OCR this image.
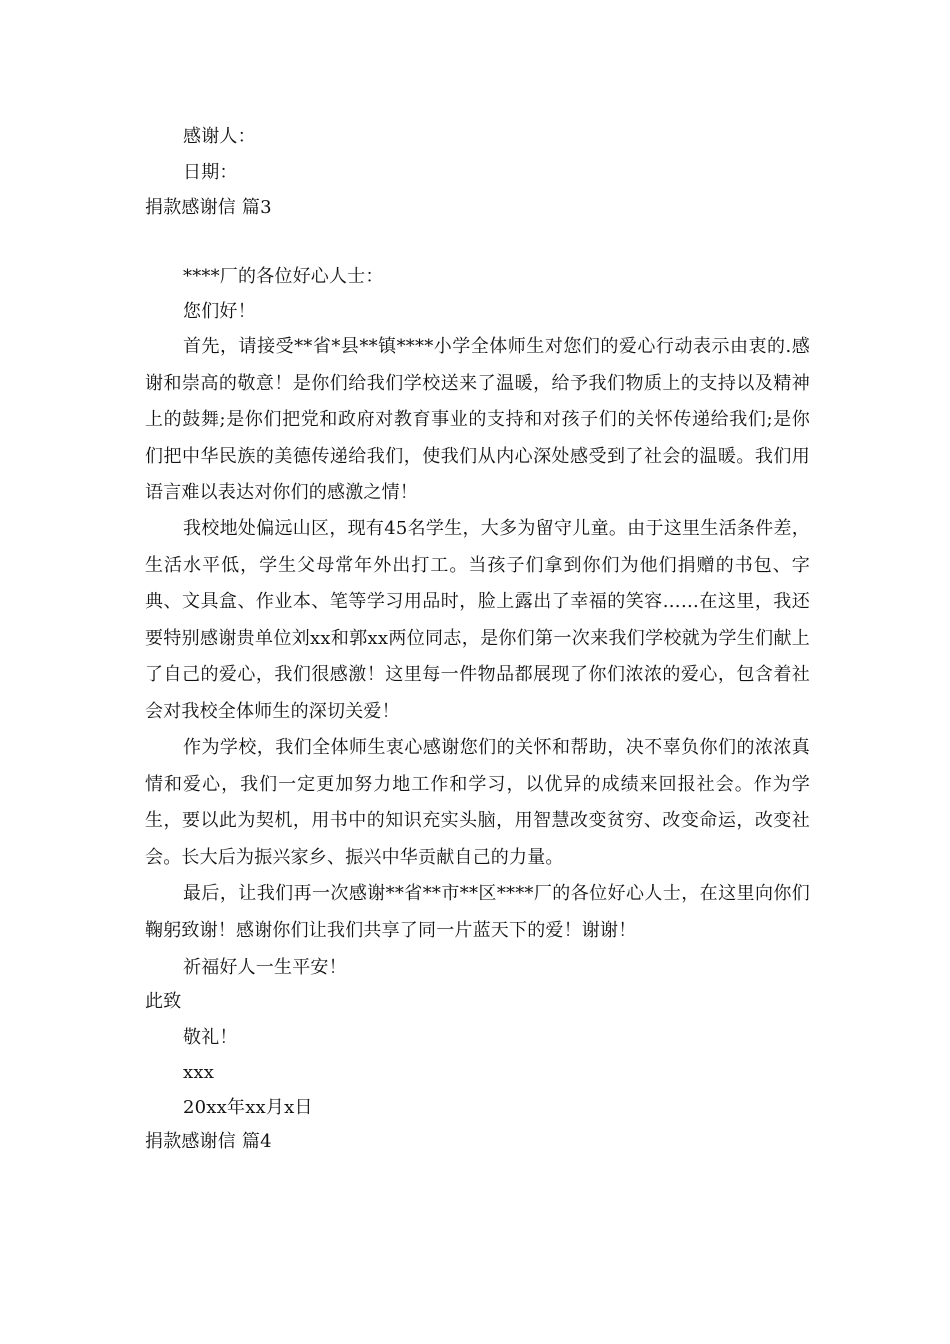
感谢人：
日期：
捐款感谢信 篇3
****厂的各位好心人士：
您们好！
首先，请接受**省*县**镇****小学全体师生对您们的爱心行动表示由衷的.感谢和崇高的敬意！是你们给我们学校送来了温暖，给予我们物质上的支持以及精神上的鼓舞;是你们把党和政府对教育事业的支持和对孩子们的关怀传递给我们;是你们把中华民族的美德传递给我们，使我们从内心深处感受到了社会的温暖。我们用语言难以表达对你们的感激之情！
我校地处偏远山区，现有45名学生，大多为留守儿童。由于这里生活条件差，生活水平低，学生父母常年外出打工。当孩子们拿到你们为他们捐赠的书包、字典、文具盒、作业本、笔等学习用品时，脸上露出了幸福的笑容……在这里，我还要特别感谢贵单位刘xx和郭xx两位同志，是你们第一次来我们学校就为学生们献上了自己的爱心，我们很感激！这里每一件物品都展现了你们浓浓的爱心，包含着社会对我校全体师生的深切关爱！
作为学校，我们全体师生衷心感谢您们的关怀和帮助，决不辜负你们的浓浓真情和爱心，我们一定更加努力地工作和学习，以优异的成绩来回报社会。作为学生，要以此为契机，用书中的知识充实头脑，用智慧改变贫穷、改变命运，改变社会。长大后为振兴家乡、振兴中华贡献自己的力量。
最后，让我们再一次感谢**省**市**区****厂的各位好心人士，在这里向你们鞠躬致谢！感谢你们让我们共享了同一片蓝天下的爱！谢谢！
祈福好人一生平安！
此致
敬礼！
xxx
20xx年xx月x日
捐款感谢信 篇4
